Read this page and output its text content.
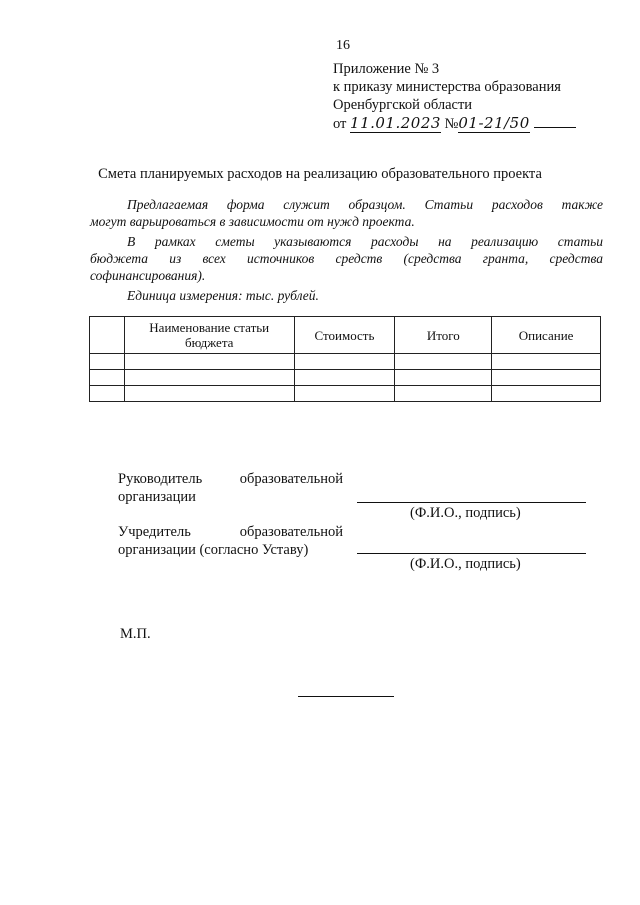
16
Приложение № 3
к приказу министерства образования
Оренбургской области
от 11.01.2023 №01-21/50
Смета планируемых расходов на реализацию образовательного проекта

Предлагаемая форма служит образцом. Статьи расходов также

могут варьироваться в зависимости от нужд проекта.

В рамках сметы указываются расходы на реализацию статьи

бюджета из всех источников средств (средства гранта, средства

софинансирования).

Единица измерения: тыс. рублей.

	Наименование статьи бюджета	Стоимость	Итого	Описание

Руководитель	образовательной
организации
(Ф.И.О., подпись)
Учредитель	образовательной
организации (согласно Уставу)
(Ф.И.О., подпись)
М.П.
